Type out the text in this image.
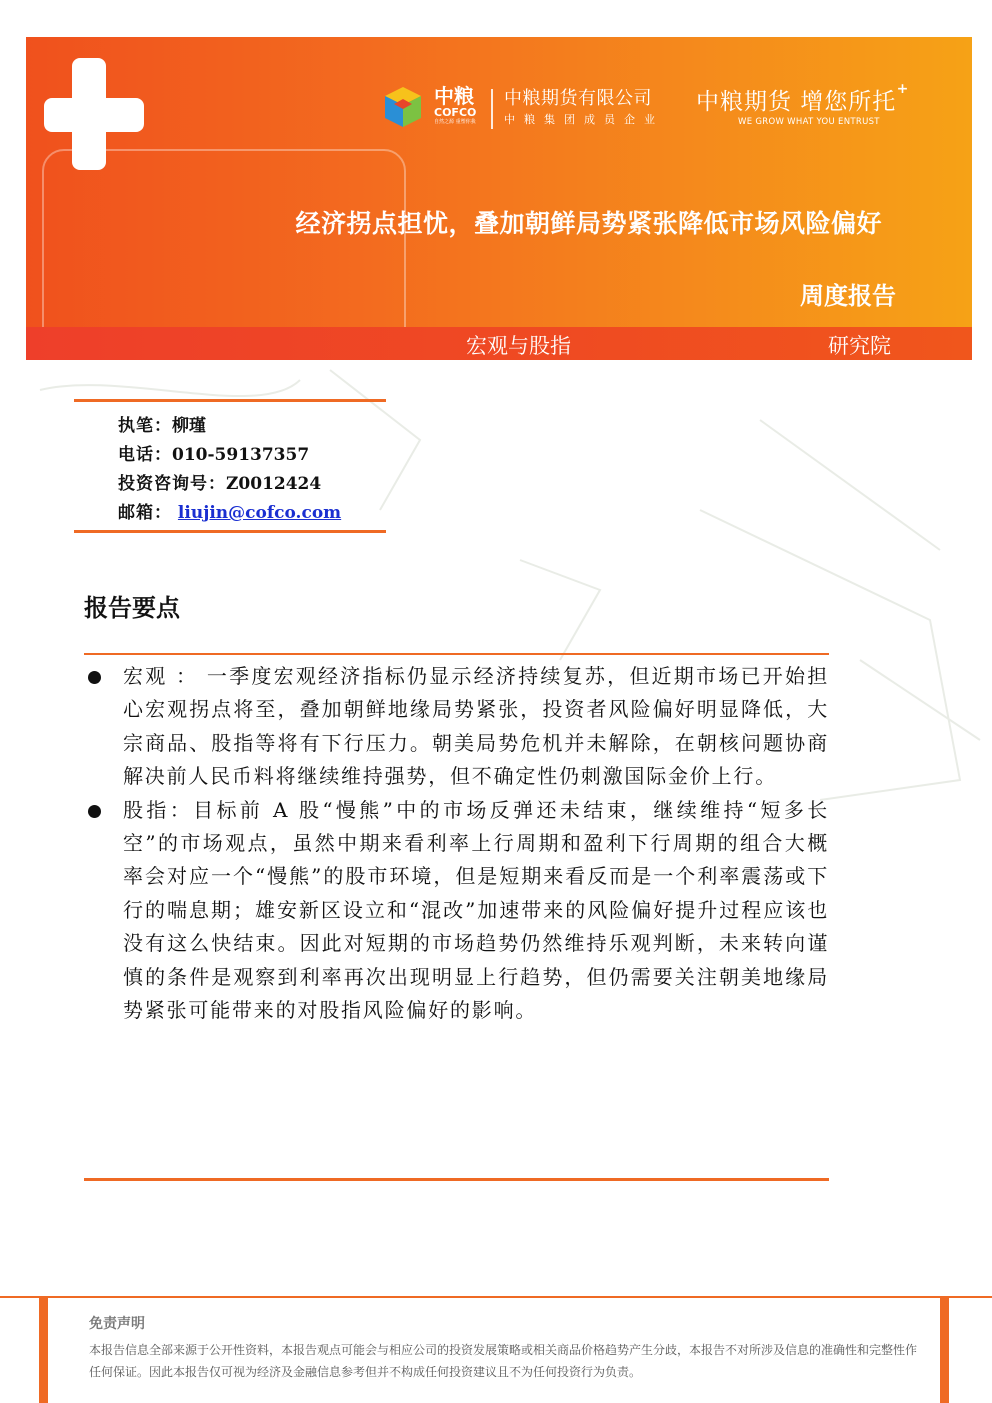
中粮
COFCO
自然之源 重塑你我
中粮期货有限公司
中粮集团成员企业
+
中粮期货 增您所托
WE GROW WHAT YOU ENTRUST
经济拐点担忧，叠加朝鲜局势紧张降低市场风险偏好
周度报告
宏观与股指	研究院
执笔：柳瑾
电话：010-59137357
投资咨询号：Z0012424
邮箱： liujin@cofco.com
报告要点
宏观 ： 一季度宏观经济指标仍显示经济持续复苏，但近期市场已开始担心宏观拐点将至，叠加朝鲜地缘局势紧张，投资者风险偏好明显降低，大宗商品、股指等将有下行压力。朝美局势危机并未解除，在朝核问题协商解决前人民币料将继续维持强势，但不确定性仍刺激国际金价上行。
股指：目标前 A 股“慢熊”中的市场反弹还未结束，继续维持“短多长空”的市场观点，虽然中期来看利率上行周期和盈利下行周期的组合大概率会对应一个“慢熊”的股市环境，但是短期来看反而是一个利率震荡或下行的喘息期；雄安新区设立和“混改”加速带来的风险偏好提升过程应该也没有这么快结束。因此对短期的市场趋势仍然维持乐观判断，未来转向谨慎的条件是观察到利率再次出现明显上行趋势，但仍需要关注朝美地缘局势紧张可能带来的对股指风险偏好的影响。
免责声明
本报告信息全部来源于公开性资料，本报告观点可能会与相应公司的投资发展策略或相关商品价格趋势产生分歧，本报告不对所涉及信息的准确性和完整性作任何保证。因此本报告仅可视为经济及金融信息参考但并不构成任何投资建议且不为任何投资行为负责。
